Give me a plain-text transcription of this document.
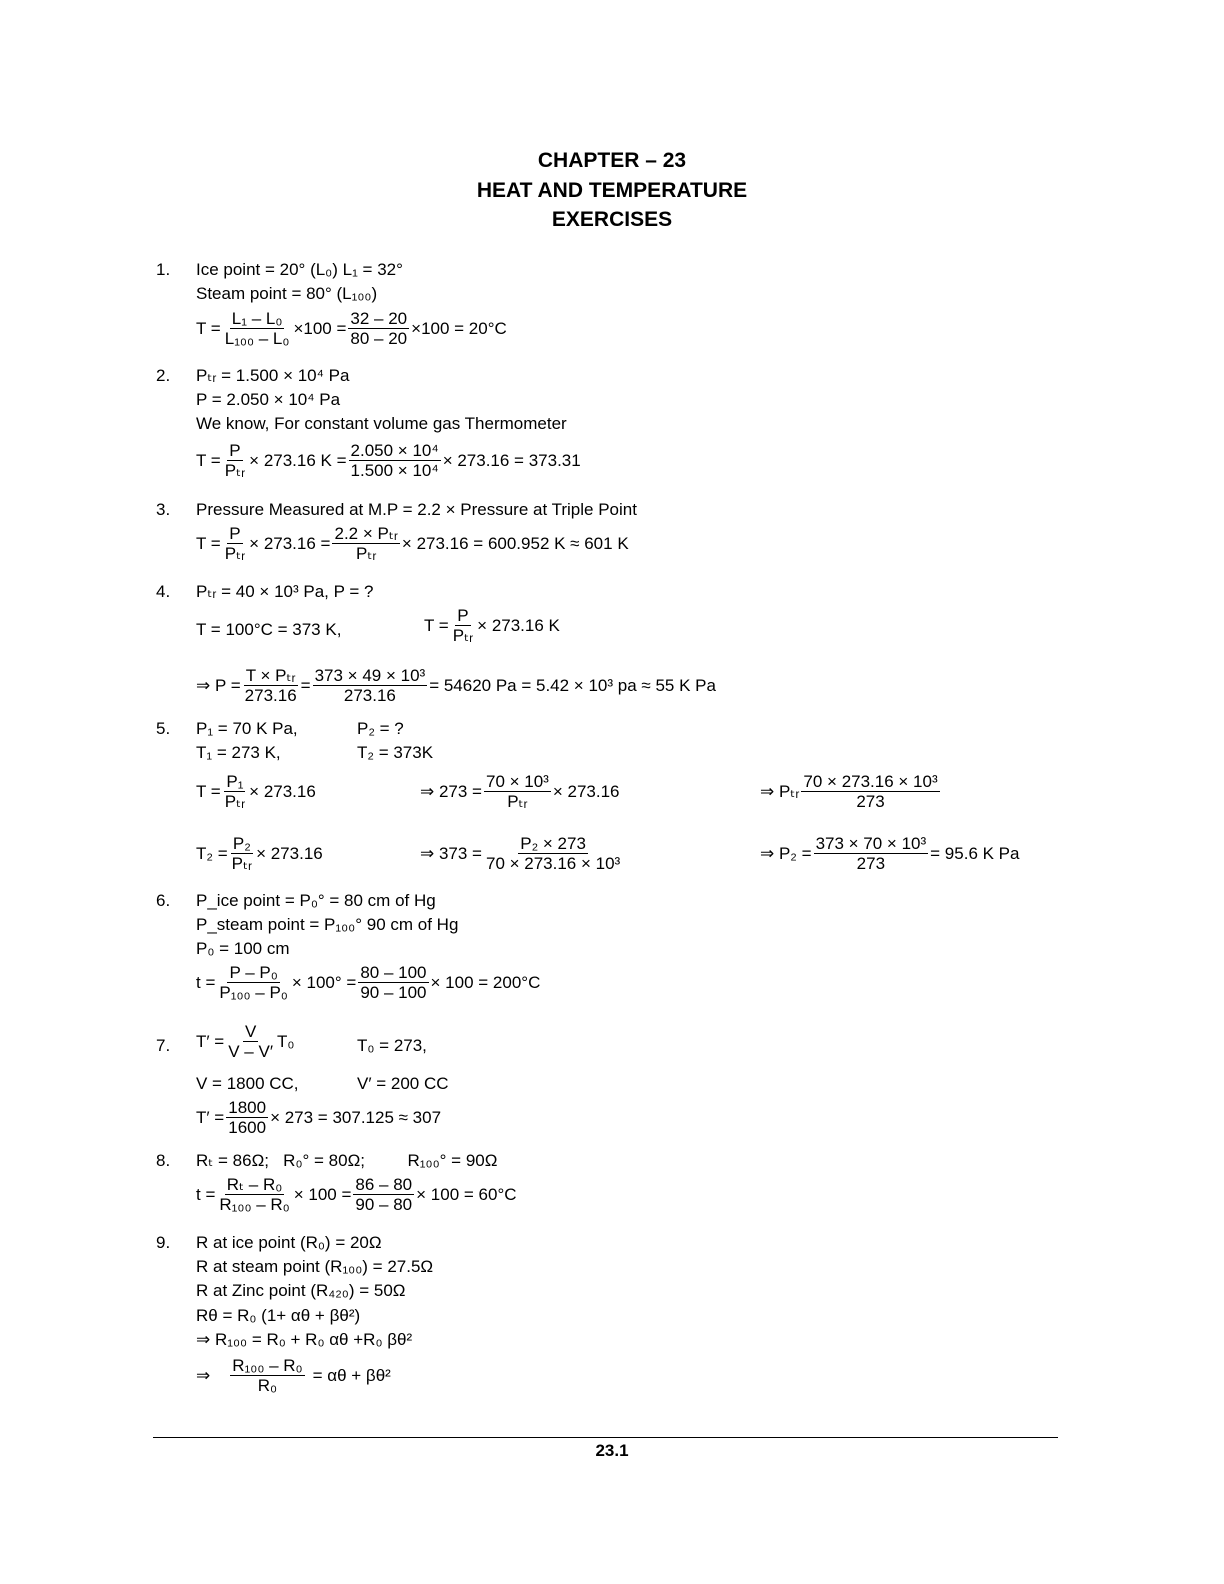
CHAPTER – 23
HEAT AND TEMPERATURE
EXERCISES
1. Ice point = 20° (L₀) L₁ = 32°
Steam point = 80° (L₁₀₀)
$T = \frac{\text{L₁ – L₀}}{\text{L₁₀₀ – L₀}} \times 100 = \frac{32 - 20}{80 - 20} \times 100 = 20^\circ C$
2. Pₜᵣ = 1.500 × 10⁴ Pa
P = 2.050 × 10⁴ Pa
We know, For constant volume gas Thermometer
T = P
Pₜᵣ
× 273.16 $K = \frac{\text{2.050 × 10⁴}}{\text{1.500 × 10⁴}} \times 273.16 = 373.31$
3. Pressure Measured at M.P = 2.2 × Pressure at Triple Point
T = P
Pₜᵣ
× 273.16 = 2.2 × Pₜᵣ
Pₜᵣ
× 273.16 = 600.952 K ≈ 601 K
4. Pₜᵣ = 40 × 10³ Pa, P = ?
T = 100°C = 373 K,	T = P
Pₜᵣ
× 273.16 K
⇒ P = T × Pₜᵣ
273.16
= $\frac{\text{373 × 49 × 10³}}{273.16} = 54620$ Pa = 5.42 × 10³ pa ≈ 55 K Pa
5. P₁ = 70 K Pa,	P₂ = ?
T₁ = 273 K,	T₂ = 373K
T = P₁
Pₜᵣ
× 273.16	⇒ 273 = 70 × 10³
Pₜᵣ
× 273.16	⇒ Pₜᵣ 70 × 273.16 × 10³
273
T₂ = P₂
Pₜᵣ
× 273.16	⇒ $373 = \frac{\text{P₂ × 273}}{\text{70 × 273.16 × 10³}}$	⇒ $P_2 = \frac{\text{373 × 70 × 10³}}{273} = 95.6$ K Pa
6. P_ice point = P₀° = 80 cm of Hg
P_steam point = P₁₀₀° 90 cm of Hg
P₀ = 100 cm
$t = \frac{\text{P – P₀}}{\text{P₁₀₀ – P₀}} \times 100^\circ = \frac{80 - 100}{90 - 100} \times 100 = 200^\circ C$
7. $T' = \frac{V}{V - V'} T_0$	T₀ = 273,
V = 1800 CC,	V′ = 200 CC
$T' = \frac{1800}{1600} \times 273 = 307.125 \approx 307$
8. Rₜ = 86Ω;   R₀° = 80Ω;         R₁₀₀° = 90Ω
$t = \frac{\text{Rₜ – R₀}}{\text{R₁₀₀ – R₀}} \times 100 = \frac{86 - 80}{90 - 80} \times 100 = 60^\circ C$
9. R at ice point (R₀) = 20Ω
R at steam point (R₁₀₀) = 27.5Ω
R at Zinc point (R₄₂₀) = 50Ω
Rθ = R₀ (1+ αθ + βθ²)
⇒ R₁₀₀ = R₀ + R₀ αθ +R₀ βθ²
⇒ $\frac{\text{R₁₀₀ – R₀}}{\text{R₀}} = \alpha\theta + \beta\theta^2$
23.1
